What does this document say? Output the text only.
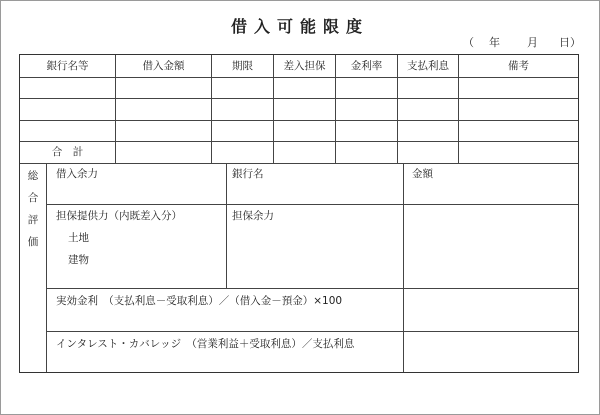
借入可能限度
（	年	月	日）
銀行名等	借入金額	期限	差入担保	金利率	支払利息	備考
合　計
総
合
評
価
借入余力	銀行名	金額
担保提供力（内既差入分）	担保余力
土地
建物
実効金利　（支払利息－受取利息）／（借入金－預金）×100
インタレスト・カバレッジ　（営業利益＋受取利息）／支払利息
